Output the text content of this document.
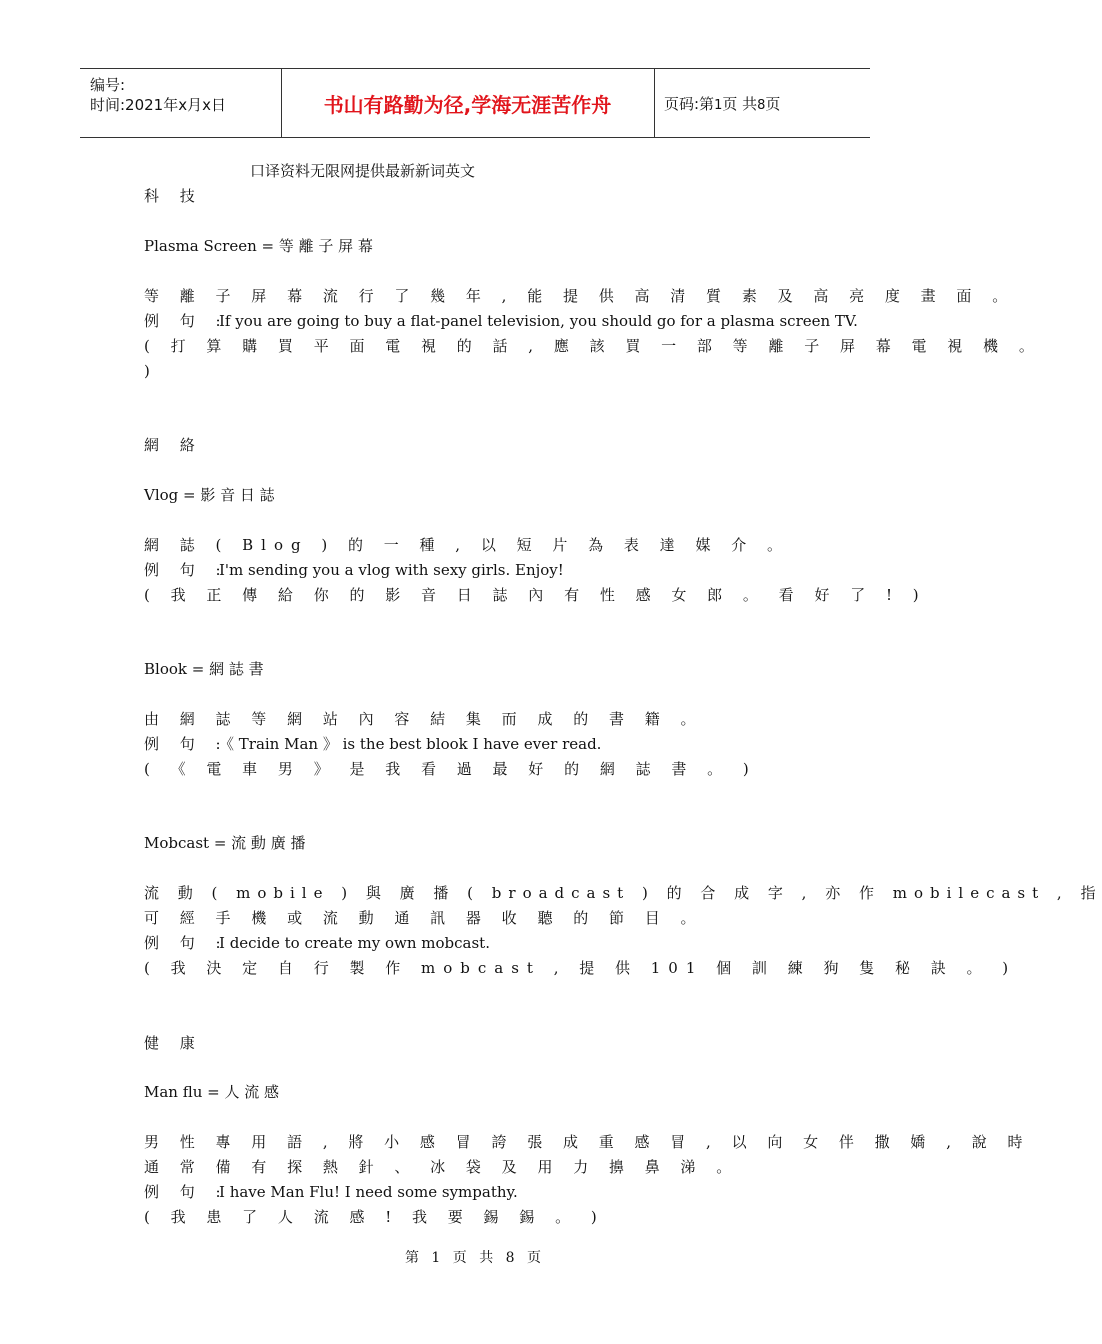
编号:
时间:2021年x月x日	书山有路勤为径,学海无涯苦作舟	页码:第1页 共8页
口译资料无限网提供最新新词英文
科 技
Plasma Screen = 等 離 子 屏 幕
等 離 子 屏 幕 流 行 了 幾 年 , 能 提 供 高 清 質 素 及 高 亮 度 畫 面 。
例 句 :If you are going to buy a flat-panel television, you should go for a plasma screen TV.
( 打 算 購 買 平 面 電 視 的 話 , 應 該 買 一 部 等 離 子 屏 幕 電 視 機 。
)
網 絡
Vlog = 影 音 日 誌
網 誌 ( Blog ) 的 一 種 , 以 短 片 為 表 達 媒 介 。
例 句 :I'm sending you a vlog with sexy girls. Enjoy!
( 我 正 傳 給 你 的 影 音 日 誌 內 有 性 感 女 郎 。 看 好 了 ! )
Blook = 網 誌 書
由 網 誌 等 網 站 內 容 結 集 而 成 的 書 籍 。
例 句 :《 Train Man 》 is the best blook I have ever read.
( 《 電 車 男 》 是 我 看 過 最 好 的 網 誌 書 。 )
Mobcast = 流 動 廣 播
流 動 ( mobile ) 與 廣 播 ( broadcast ) 的 合 成 字 , 亦 作 mobilecast , 指
可 經 手 機 或 流 動 通 訊 器 收 聽 的 節 目 。
例 句 :I decide to create my own mobcast.
( 我 決 定 自 行 製 作 mobcast , 提 供 101 個 訓 練 狗 隻 秘 訣 。 )
健 康
Man flu = 人 流 感
男 性 專 用 語 , 將 小 感 冒 誇 張 成 重 感 冒 , 以 向 女 伴 撒 嬌 , 說 時
通 常 備 有 探 熱 針 、 冰 袋 及 用 力 擤 鼻 涕 。
例 句 :I have Man Flu! I need some sympathy.
( 我 患 了 人 流 感 ! 我 要 錫 錫 。 )
第 1 页 共 8 页
